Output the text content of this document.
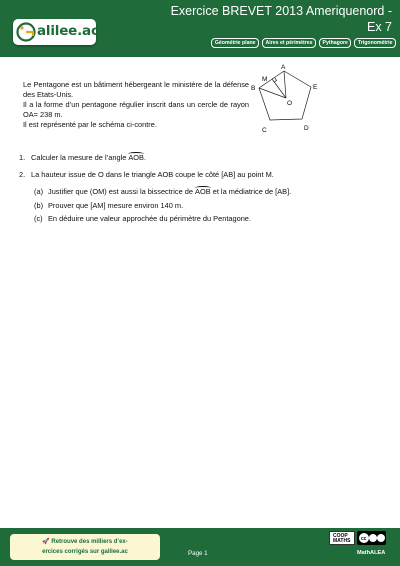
alilee.ac
Exercice BREVET 2013 Ameriquenord -
Ex 7
Géométrie plane	Aires et périmètres	Pythagore	Trigonométrie

Le Pentagone est un bâtiment hébergeant le ministère de la défense des Etats-Unis.

Il a la forme d’un pentagone régulier inscrit dans un cercle de rayon OA= 238 m.

Il est représenté par le schéma ci-contre.

A
B
C	D
E
M
O
1. Calculer la mesure de l’angle AOB.
2. La hauteur issue de O dans le triangle AOB coupe le côté [AB] au point M.
(a) Justifier que (OM) est aussi la bissectrice de AOB et la médiatrice de [AB].
(b) Prouver que [AM] mesure environ 140 m.
(c) En déduire une valeur approchée du périmètre du Pentagone.
🚀 Retrouve des milliers d’ex-
ercices corrigés sur galilee.ac	Page 1
COOP MATHS	cc
MathALEA
